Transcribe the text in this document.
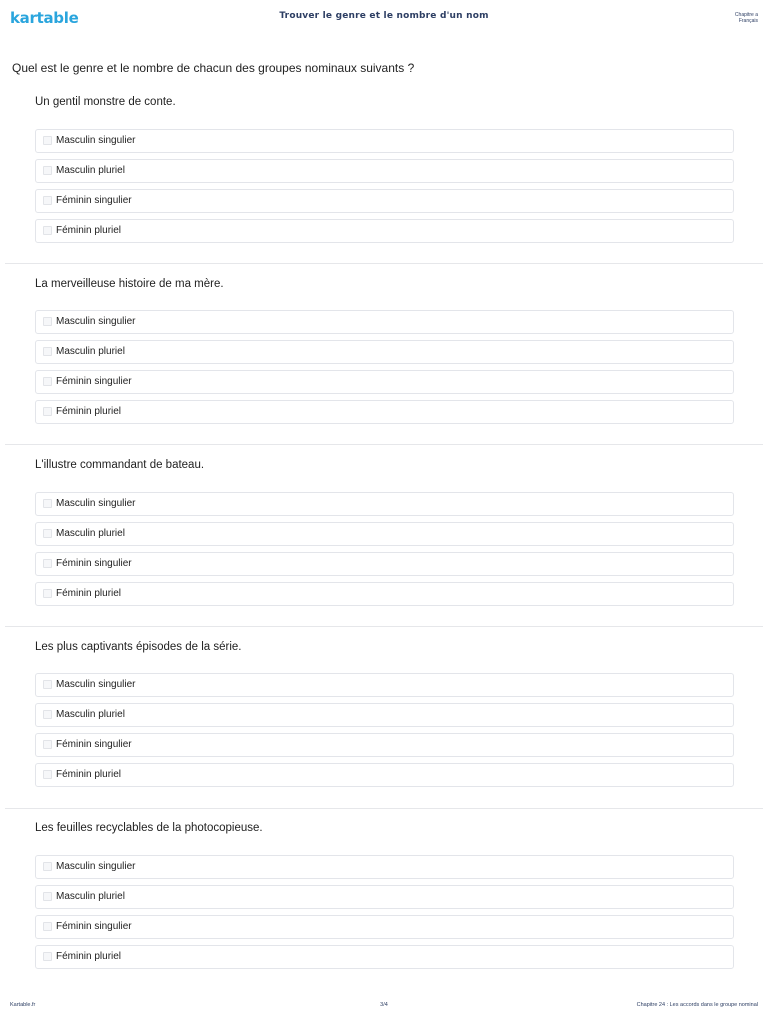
kartable	Trouver le genre et le nombre d'un nom	Chapitre a
Français
Quel est le genre et le nombre de chacun des groupes nominaux suivants ?
Un gentil monstre de conte.
Masculin singulier
Masculin pluriel
Féminin singulier
Féminin pluriel
La merveilleuse histoire de ma mère.
Masculin singulier
Masculin pluriel
Féminin singulier
Féminin pluriel
L'illustre commandant de bateau.
Masculin singulier
Masculin pluriel
Féminin singulier
Féminin pluriel
Les plus captivants épisodes de la série.
Masculin singulier
Masculin pluriel
Féminin singulier
Féminin pluriel
Les feuilles recyclables de la photocopieuse.
Masculin singulier
Masculin pluriel
Féminin singulier
Féminin pluriel
Kartable.fr	3/4	Chapitre 24 : Les accords dans le groupe nominal
